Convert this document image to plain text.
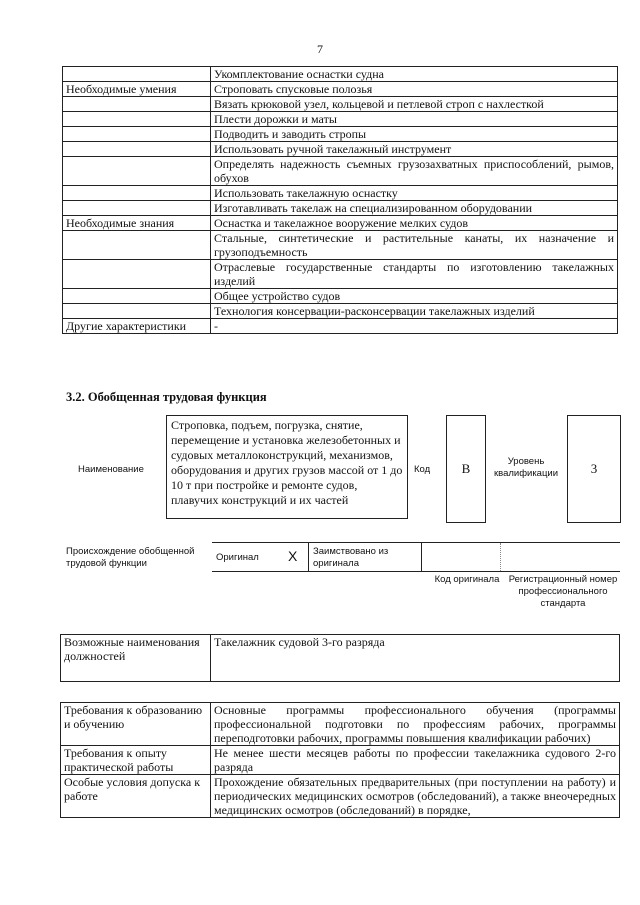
7
	Укомплектование оснастки судна
Необходимые умения	Строповать спусковые полозья
	Вязать крюковой узел, кольцевой и петлевой строп с нахлесткой
	Плести дорожки и маты
	Подводить и заводить стропы
	Использовать ручной такелажный инструмент
	Определять надежность съемных грузозахватных приспособлений, рымов, обухов
	Использовать такелажную оснастку
	Изготавливать такелаж на специализированном оборудовании
Необходимые знания	Оснастка и такелажное вооружение мелких судов
	Стальные, синтетические и растительные канаты, их назначение и грузоподъемность
	Отраслевые государственные стандарты по изготовлению такелажных изделий
	Общее устройство судов
	Технология консервации-расконсервации такелажных изделий
Другие характеристики	-
3.2. Обобщенная трудовая функция
Наименование
Строповка, подъем, погрузка, снятие, перемещение и установка железобетонных и судовых металлоконструкций, механизмов, оборудования и других грузов массой от 1 до 10 т при постройке и ремонте судов, плавучих конструкций и их частей
Код	B	Уровень квалификации	3
Происхождение обобщенной трудовой функции
Оригинал X Заимствовано из оригинала
Код оригинала Регистрационный номер профессионального стандарта
Возможные наименования должностей	Такелажник судовой 3-го разряда
Требования к образованию и обучению	Основные программы профессионального обучения (программы профессиональной подготовки по профессиям рабочих, программы переподготовки рабочих, программы повышения квалификации рабочих)
Требования к опыту практической работы	Не менее шести месяцев работы по профессии такелажника судового 2-го разряда
Особые условия допуска к работе	Прохождение обязательных предварительных (при поступлении на работу) и периодических медицинских осмотров (обследований), а также внеочередных медицинских осмотров (обследований) в порядке,
